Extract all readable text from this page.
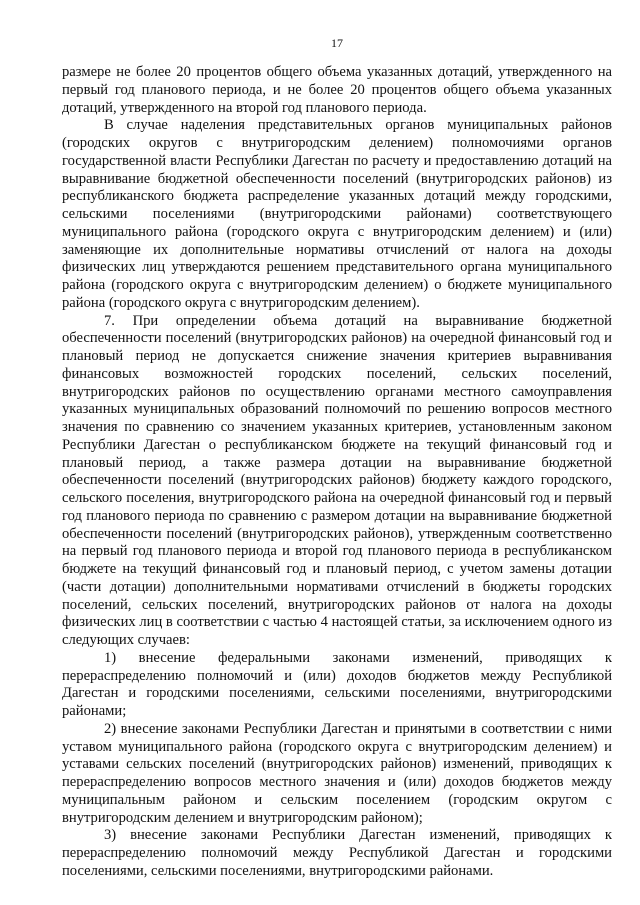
17

размере не более 20 процентов общего объема указанных дотаций, утвержденного на первый год планового периода, и не более 20 процентов общего объема указанных дотаций, утвержденного на второй год планового периода.

В случае наделения представительных органов муниципальных районов (городских округов с внутригородским делением) полномочиями органов государственной власти Республики Дагестан по расчету и предоставлению дотаций на выравнивание бюджетной обеспеченности поселений (внутригородских районов) из республиканского бюджета распределение указанных дотаций между городскими, сельскими поселениями (внутригородскими районами) соответствующего муниципального района (городского округа с внутригородским делением) и (или) заменяющие их дополнительные нормативы отчислений от налога на доходы физических лиц утверждаются решением представительного органа муниципального района (городского округа с внутригородским делением) о бюджете муниципального района (городского округа с внутригородским делением).

7. При определении объема дотаций на выравнивание бюджетной обеспеченности поселений (внутригородских районов) на очередной финансовый год и плановый период не допускается снижение значения критериев выравнивания финансовых возможностей городских поселений, сельских поселений, внутригородских районов по осуществлению органами местного самоуправления указанных муниципальных образований полномочий по решению вопросов местного значения по сравнению со значением указанных критериев, установленным законом Республики Дагестан о республиканском бюджете на текущий финансовый год и плановый период, а также размера дотации на выравнивание бюджетной обеспеченности поселений (внутригородских районов) бюджету каждого городского, сельского поселения, внутригородского района на очередной финансовый год и первый год планового периода по сравнению с размером дотации на выравнивание бюджетной обеспеченности поселений (внутригородских районов), утвержденным соответственно на первый год планового периода и второй год планового периода в республиканском бюджете на текущий финансовый год и плановый период, с учетом замены дотации (части дотации) дополнительными нормативами отчислений в бюджеты городских поселений, сельских поселений, внутригородских районов от налога на доходы физических лиц в соответствии с частью 4 настоящей статьи, за исключением одного из следующих случаев:

1) внесение федеральными законами изменений, приводящих к перераспределению полномочий и (или) доходов бюджетов между Республикой Дагестан и городскими поселениями, сельскими поселениями, внутригородскими районами;

2) внесение законами Республики Дагестан и принятыми в соответствии с ними уставом муниципального района (городского округа с внутригородским делением) и уставами сельских поселений (внутригородских районов) изменений, приводящих к перераспределению вопросов местного значения и (или) доходов бюджетов между муниципальным районом и сельским поселением (городским округом с внутригородским делением и внутригородским районом);

3) внесение законами Республики Дагестан изменений, приводящих к перераспределению полномочий между Республикой Дагестан и городскими поселениями, сельскими поселениями, внутригородскими районами.
